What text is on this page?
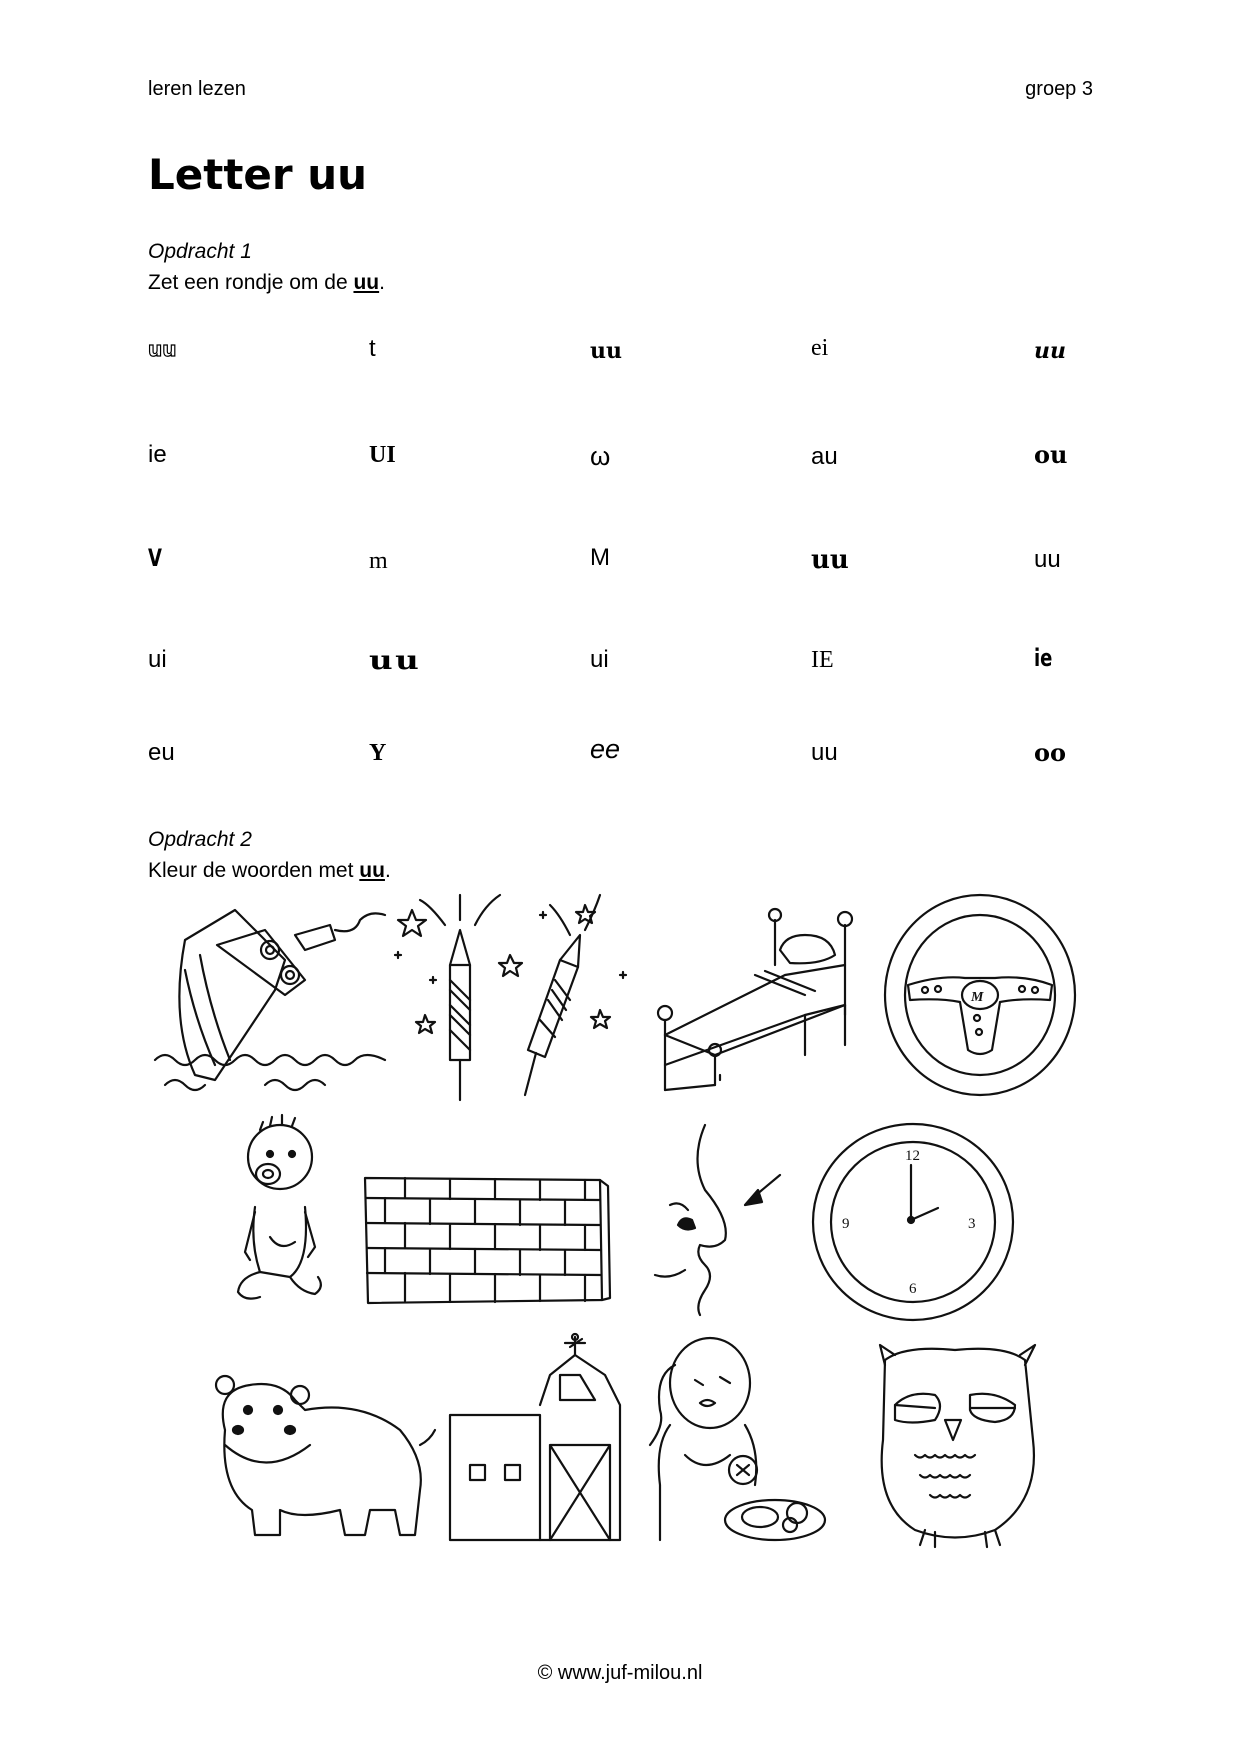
leren lezen	groep 3
Letter uu
Opdracht 1
Zet een rondje om de uu.
uu	t	uu	ei	uu
ie	UI	ω	au	ou
V	m	M	uu	uu
ui	uu	ui	IE	ie
eu	Y	ee	uu	oo
Opdracht 2
Kleur de woorden met uu.
M
12
3
6
9
© www.juf-milou.nl
